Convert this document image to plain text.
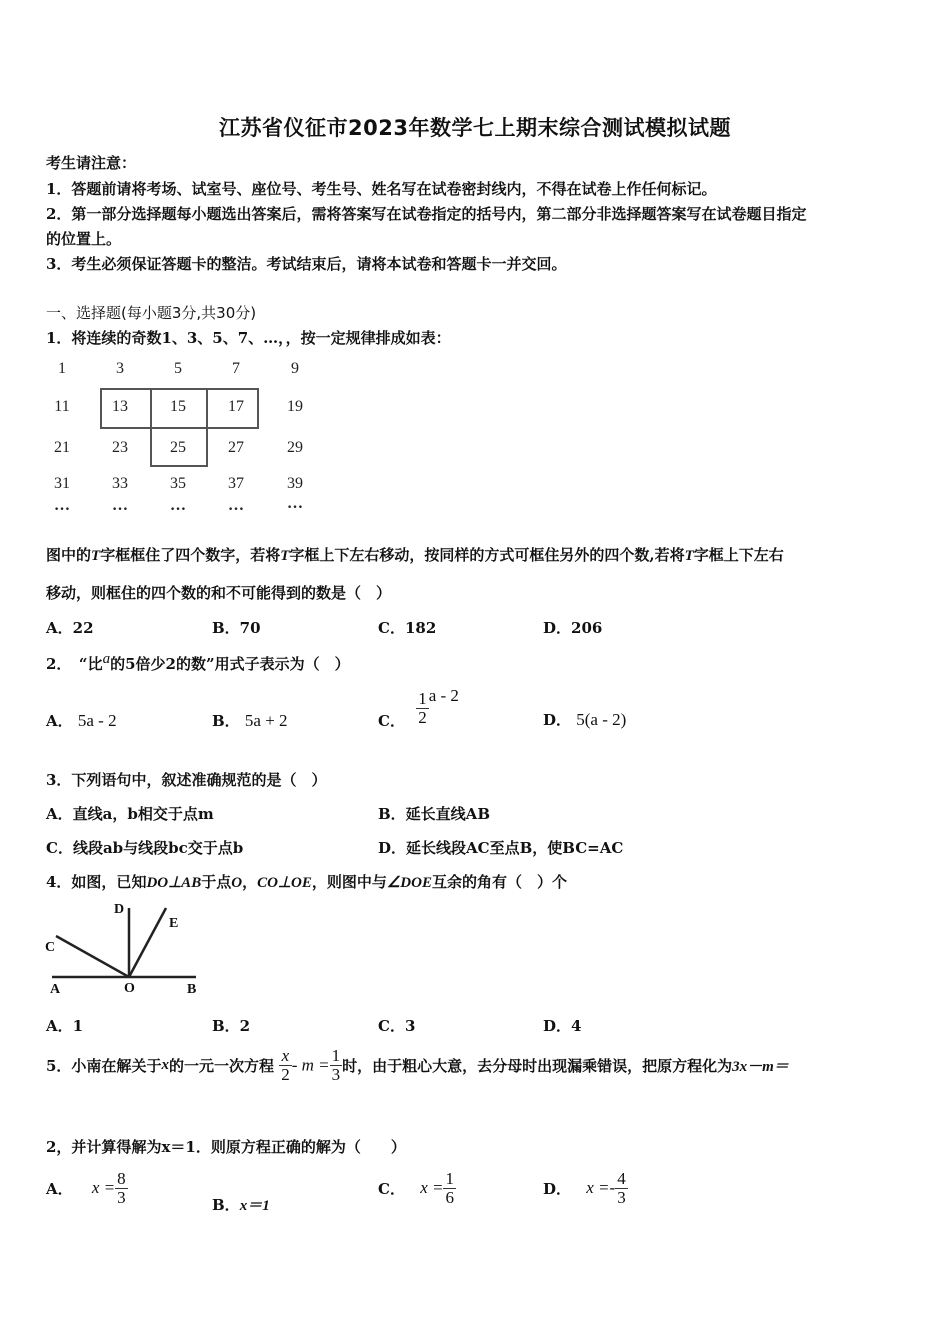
江苏省仪征市2023年数学七上期末综合测试模拟试题
考生请注意：
1．答题前请将考场、试室号、座位号、考生号、姓名写在试卷密封线内，不得在试卷上作任何标记。
2．第一部分选择题每小题选出答案后，需将答案写在试卷指定的括号内，第二部分非选择题答案写在试卷题目指定
的位置上。
3．考生必须保证答题卡的整洁。考试结束后，请将本试卷和答题卡一并交回。
一、选择题(每小题3分,共30分)
1．将连续的奇数1、3、5、7、…，，按一定规律排成如表：
1	3	5	7	9
11	13	15	17	19
21	23	25	27	29
31	33	35	37	39
…	…	…	…	…
图中的T字框框住了四个数字，若将T字框上下左右移动，按同样的方式可框住另外的四个数,若将T字框上下左右
移动，则框住的四个数的和不可能得到的数是（　）
A．22	B．70	C．182	D．206
2．　“比$^a$的5倍少2的数”用式子表示为（　）
A． 5a - 2	B． 5a + 2	C． $\frac{1}{2}$ a - 2
D． 5(a - 2)
3．下列语句中，叙述准确规范的是（　）
A．直线a，b相交于点m	B．延长直线AB
C．线段ab与线段bc交于点b	D．延长线段AC至点B，使BC=AC
4．如图，已知DO⊥AB于点O，CO⊥OE，则图中与∠DOE互余的角有（　）个
D
E
C
A	O	B
A．1	B．2	C．3	D．4
5．小南在解关于x的一元一次方程 $\frac{x}{2} - m = \frac{1}{3}$ 时，由于粗心大意，去分母时出现漏乘错误，把原方程化为3x－m＝
2，并计算得解为x＝1．则原方程正确的解为（　　）
A． $x = \frac{8}{3}$	B．x＝1
C． $x = \frac{1}{6}$	D． $x =- \frac{4}{3}$
